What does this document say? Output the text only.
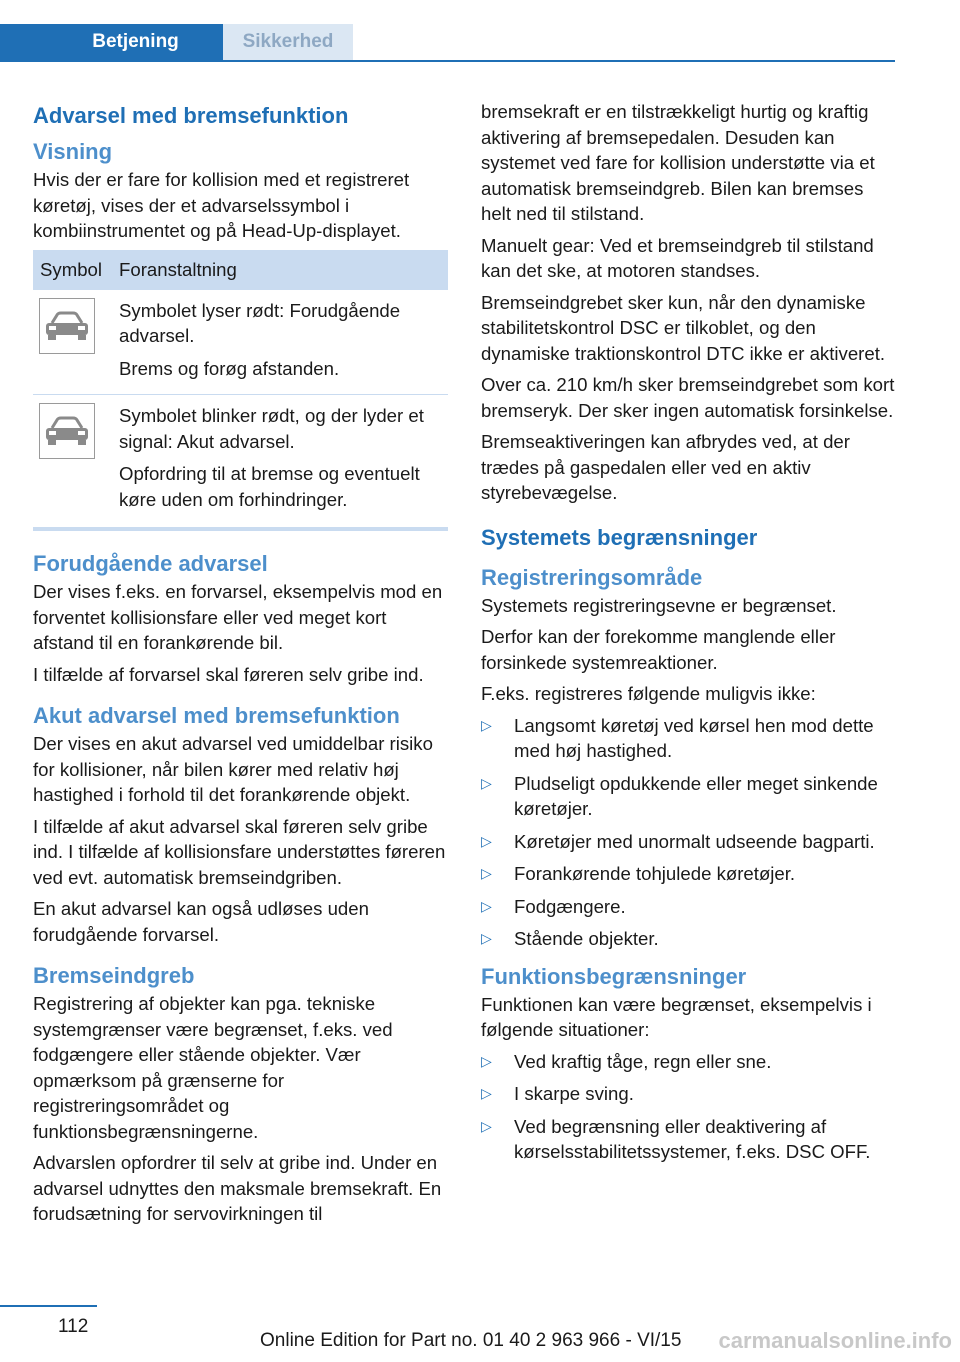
Betjening	Sikkerhed
Advarsel med bremsefunktion
Visning

Hvis der er fare for kollision med et registreret køretøj, vises der et advarselssymbol i kombiinstrumentet og på Head-Up-displayet.

Symbol Foranstaltning

Symbolet lyser rødt: Forudgående advarsel.

Brems og forøg afstanden.

Symbolet blinker rødt, og der lyder et signal: Akut advarsel.

Opfordring til at bremse og eventuelt køre uden om forhindringer.

Forudgående advarsel

Der vises f.eks. en forvarsel, eksempelvis mod en forventet kollisionsfare eller ved meget kort afstand til en forankørende bil.

I tilfælde af forvarsel skal føreren selv gribe ind.

Akut advarsel med bremsefunktion

Der vises en akut advarsel ved umiddelbar risiko for kollisioner, når bilen kører med relativ høj hastighed i forhold til det forankørende objekt.

I tilfælde af akut advarsel skal føreren selv gribe ind. I tilfælde af kollisionsfare understøttes føreren ved evt. automatisk bremseindgriben.

En akut advarsel kan også udløses uden forudgående forvarsel.

Bremseindgreb

Registrering af objekter kan pga. tekniske systemgrænser være begrænset, f.eks. ved fodgængere eller stående objekter. Vær opmærksom på grænserne for registreringsområdet og funktionsbegrænsningerne.

Advarslen opfordrer til selv at gribe ind. Under en advarsel udnyttes den maksmale bremsekraft. En forudsætning for servovirkningen til

bremsekraft er en tilstrækkeligt hurtig og kraftig aktivering af bremsepedalen. Desuden kan systemet ved fare for kollision understøtte via et automatisk bremseindgreb. Bilen kan bremses helt ned til stilstand.

Manuelt gear: Ved et bremseindgreb til stilstand kan det ske, at motoren standses.

Bremseindgrebet sker kun, når den dynamiske stabilitetskontrol DSC er tilkoblet, og den dynamiske traktionskontrol DTC ikke er aktiveret.

Over ca. 210 km/h sker bremseindgrebet som kort bremseryk. Der sker ingen automatisk forsinkelse.

Bremseaktiveringen kan afbrydes ved, at der trædes på gaspedalen eller ved en aktiv styrebevægelse.

Systemets begrænsninger
Registreringsområde

Systemets registreringsevne er begrænset.

Derfor kan der forekomme manglende eller forsinkede systemreaktioner.

F.eks. registreres følgende muligvis ikke:

▷ Langsomt køretøj ved kørsel hen mod dette med høj hastighed.
▷ Pludseligt opdukkende eller meget sinkende køretøjer.
▷ Køretøjer med unormalt udseende bagparti.
▷ Forankørende tohjulede køretøjer.
▷ Fodgængere.
▷ Stående objekter.
Funktionsbegrænsninger

Funktionen kan være begrænset, eksempelvis i følgende situationer:

▷ Ved kraftig tåge, regn eller sne.
▷ I skarpe sving.
▷ Ved begrænsning eller deaktivering af kørselsstabilitetssystemer, f.eks. DSC OFF.
112
Online Edition for Part no. 01 40 2 963 966 - VI/15 carmanualsonline.info
